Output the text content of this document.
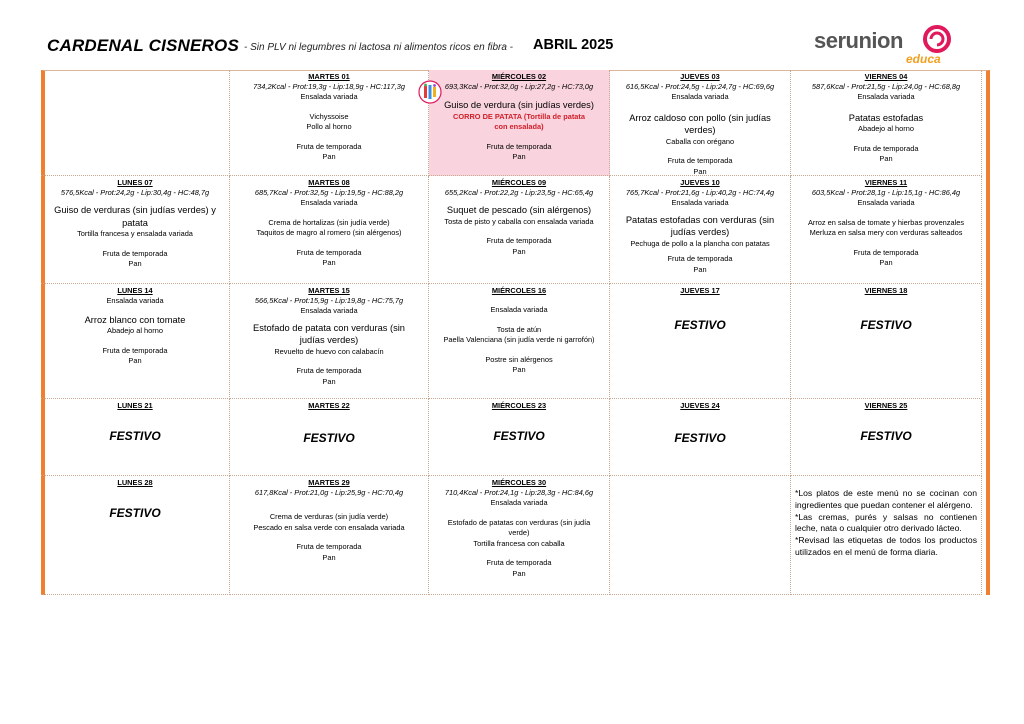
CARDENAL CISNEROS - Sin PLV ni legumbres ni lactosa ni alimentos ricos en fibra - ABRIL 2025	serunion
educa
MARTES 01
734,2Kcal - Prot:19,3g - Lip:18,9g - HC:117,3g
Ensalada variada
Vichyssoise
Pollo al horno
Fruta de temporada
Pan
MIÉRCOLES 02
693,3Kcal - Prot:32,0g - Lip:27,2g - HC:73,0g
Guiso de verdura (sin judías verdes)
CORRO DE PATATA (Tortilla de patata con ensalada)
Fruta de temporada
Pan
JUEVES 03
616,5Kcal - Prot:24,5g - Lip:24,7g - HC:69,6g
Ensalada variada
Arroz caldoso con pollo (sin judías verdes)
Caballa con orégano
Fruta de temporada
Pan
VIERNES 04
587,6Kcal - Prot:21,5g - Lip:24,0g - HC:68,8g
Ensalada variada
Patatas estofadas
Abadejo al horno
Fruta de temporada
Pan
LUNES 07
576,5Kcal - Prot:24,2g - Lip:30,4g - HC:48,7g
Guiso de verduras (sin judías verdes) y patata
Tortilla francesa y ensalada variada
Fruta de temporada
Pan
MARTES 08
685,7Kcal - Prot:32,5g - Lip:19,5g - HC:88,2g
Ensalada variada
Crema de hortalizas (sin judía verde)
Taquitos de magro al romero (sin alérgenos)
Fruta de temporada
Pan
MIÉRCOLES 09
655,2Kcal - Prot:22,2g - Lip:23,5g - HC:65,4g
Suquet de pescado (sin alérgenos)
Tosta de pisto y caballa con ensalada variada
Fruta de temporada
Pan
JUEVES 10
765,7Kcal - Prot:21,6g - Lip:40,2g - HC:74,4g
Ensalada variada
Patatas estofadas con verduras (sin judías verdes)
Pechuga de pollo a la plancha con patatas
Fruta de temporada
Pan
VIERNES 11
603,5Kcal - Prot:28,1g - Lip:15,1g - HC:86,4g
Ensalada variada
Arroz en salsa de tomate y hierbas provenzales
Merluza en salsa mery con verduras salteados
Fruta de temporada
Pan
LUNES 14
Ensalada variada
Arroz blanco con tomate
Abadejo al horno
Fruta de temporada
Pan
MARTES 15
566,5Kcal - Prot:15,9g - Lip:19,8g - HC:75,7g
Ensalada variada
Estofado de patata con verduras (sin judías verdes)
Revuelto de huevo con calabacín
Fruta de temporada
Pan
MIÉRCOLES 16
Ensalada variada
Tosta de atún
Paella Valenciana (sin judía verde ni garrofón)
Postre sin alérgenos
Pan
JUEVES 17
FESTIVO
VIERNES 18
FESTIVO
LUNES 21
FESTIVO
MARTES 22
FESTIVO
MIÉRCOLES 23
FESTIVO
JUEVES 24
FESTIVO
VIERNES 25
FESTIVO
LUNES 28
FESTIVO
MARTES 29
617,8Kcal - Prot:21,0g - Lip:25,9g - HC:70,4g
Crema de verduras (sin judía verde)
Pescado en salsa verde con ensalada variada
Fruta de temporada
Pan
MIÉRCOLES 30
710,4Kcal - Prot:24,1g - Lip:28,3g - HC:84,6g
Ensalada variada
Estofado de patatas con verduras (sin judía verde)
Tortilla francesa con caballa
Fruta de temporada
Pan

*Los platos de este menú no se cocinan con ingredientes que puedan contener el alérgeno.

*Las cremas, purés y salsas no contienen leche, nata o cualquier otro derivado lácteo.

*Revisad las etiquetas de todos los productos utilizados en el menú de forma diaria.
